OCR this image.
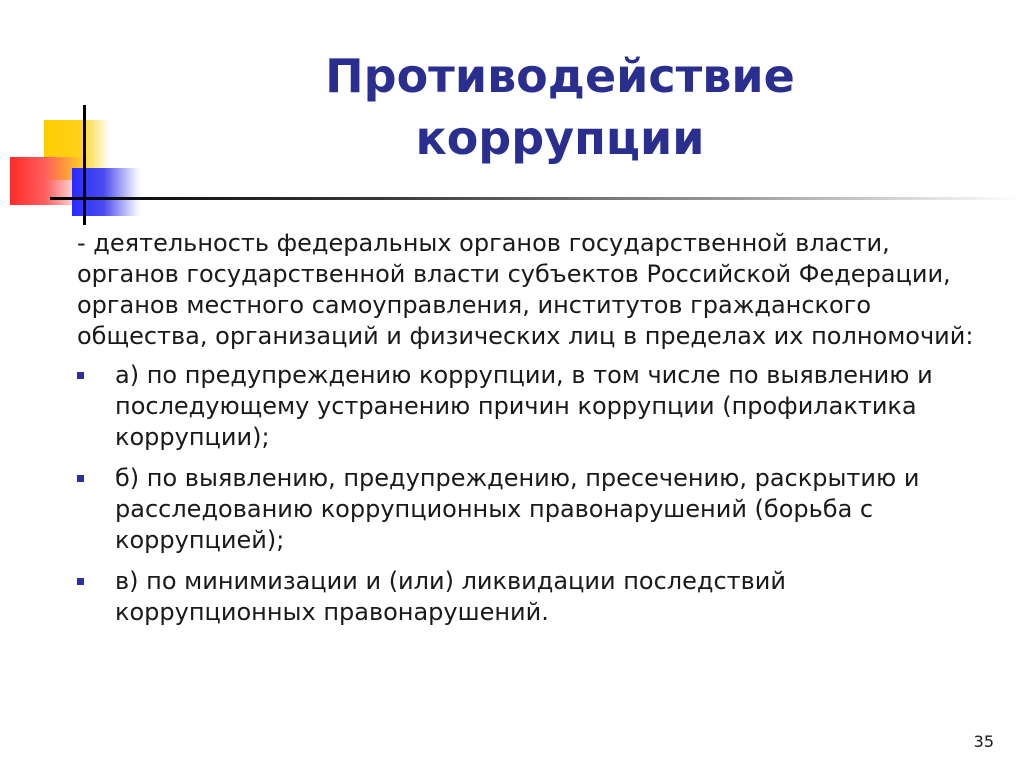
Противодействие
коррупции

- деятельность федеральных органов государственной власти, органов государственной власти субъектов Российской Федерации, органов местного самоуправления, институтов гражданского общества, организаций и физических лиц в пределах их полномочий:

а) по предупреждению коррупции, в том числе по выявлению и последующему устранению причин коррупции (профилактика коррупции);
б) по выявлению, предупреждению, пресечению, раскрытию и расследованию коррупционных правонарушений (борьба с коррупцией);
в) по минимизации и (или) ликвидации последствий коррупционных правонарушений.
35
